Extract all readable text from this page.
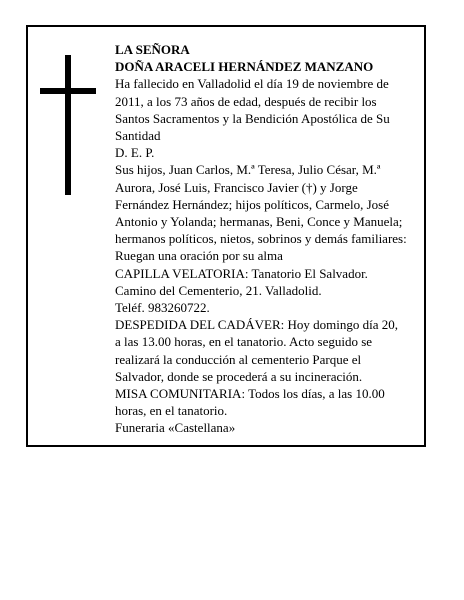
LA SEÑORA
DOÑA ARACELI HERNÁNDEZ MANZANO
Ha fallecido en Valladolid el día 19 de noviembre de
2011, a los 73 años de edad, después de recibir los
Santos Sacramentos y la Bendición Apostólica de Su
Santidad
D. E. P.
Sus hijos, Juan Carlos, M.ª Teresa, Julio César, M.ª
Aurora, José Luis, Francisco Javier (†) y Jorge
Fernández Hernández; hijos políticos, Carmelo, José
Antonio y Yolanda; hermanas, Beni, Conce y Manuela;
hermanos políticos, nietos, sobrinos y demás familiares:
Ruegan una oración por su alma
CAPILLA VELATORIA: Tanatorio El Salvador.
Camino del Cementerio, 21. Valladolid.
Teléf. 983260722.
DESPEDIDA DEL CADÁVER: Hoy domingo día 20,
a las 13.00 horas, en el tanatorio. Acto seguido se
realizará la conducción al cementerio Parque el
Salvador, donde se procederá a su incineración.
MISA COMUNITARIA: Todos los días, a las 10.00
horas, en el tanatorio.
Funeraria «Castellana»
